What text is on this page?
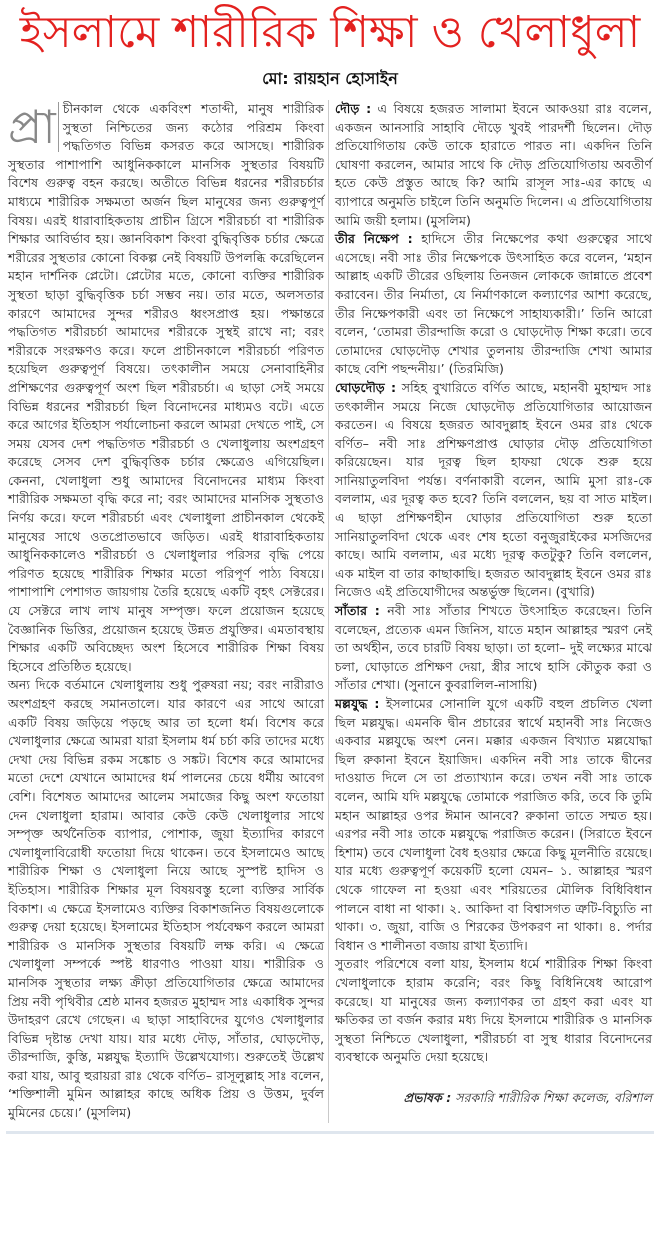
ইসলামে শারীরিক শিক্ষা ও খেলাধুলা
মো: রায়হান হোসাইন

প্রা চীনকাল থেকে একবিংশ শতাব্দী, মানুষ শারীরিক সুস্থতা নিশ্চিতের জন্য কঠোর পরিশ্রম কিংবা পদ্ধতিগত বিভিন্ন কসরত করে আসছে। শারীরিক সুস্থতার পাশাপাশি আধুনিককালে মানসিক সুস্থতার বিষয়টি বিশেষ গুরুত্ব বহন করছে। অতীতে বিভিন্ন ধরনের শরীরচর্চার মাধ্যমে শারীরিক সক্ষমতা অর্জন ছিল মানুষের জন্য গুরুত্বপূর্ণ বিষয়। এরই ধারাবাহিকতায় প্রাচীন গ্রিসে শরীরচর্চা বা শারীরিক শিক্ষার আবির্ভাব হয়। জ্ঞানবিকাশ কিংবা বুদ্ধিবৃত্তিক চর্চার ক্ষেত্রে শরীরের সুস্থতার কোনো বিকল্প নেই বিষয়টি উপলব্ধি করেছিলেন মহান দার্শনিক প্লেটো। প্লেটোর মতে, কোনো ব্যক্তির শারীরিক সুস্থতা ছাড়া বুদ্ধিবৃত্তিক চর্চা সম্ভব নয়। তার মতে, অলসতার কারণে আমাদের সুন্দর শরীরও ধ্বংসপ্রাপ্ত হয়। পক্ষান্তরে পদ্ধতিগত শরীরচর্চা আমাদের শরীরকে সুস্থই রাখে না; বরং শরীরকে সংরক্ষণও করে। ফলে প্রাচীনকালে শরীরচর্চা পরিণত হয়েছিল গুরুত্বপূর্ণ বিষয়ে। তৎকালীন সময়ে সেনাবাহিনীর প্রশিক্ষণের গুরুত্বপূর্ণ অংশ ছিল শরীরচর্চা। এ ছাড়া সেই সময়ে বিভিন্ন ধরনের শরীরচর্চা ছিল বিনোদনের মাধ্যমও বটে। এতে করে আগের ইতিহাস পর্যালোচনা করলে আমরা দেখতে পাই, সে সময় যেসব দেশ পদ্ধতিগত শরীরচর্চা ও খেলাধুলায় অংশগ্রহণ করেছে সেসব দেশ বুদ্ধিবৃত্তিক চর্চার ক্ষেত্রেও এগিয়েছিল। কেননা, খেলাধুলা শুধু আমাদের বিনোদনের মাধ্যম কিংবা শারীরিক সক্ষমতা বৃদ্ধি করে না; বরং আমাদের মানসিক সুস্থতাও নির্ণয় করে। ফলে শরীরচর্চা এবং খেলাধুলা প্রাচীনকাল থেকেই মানুষের সাথে ওতপ্রোতভাবে জড়িত। এরই ধারাবাহিকতায় আধুনিককালেও শরীরচর্চা ও খেলাধুলার পরিসর বৃদ্ধি পেয়ে পরিণত হয়েছে শারীরিক শিক্ষার মতো পরিপূর্ণ পাঠ্য বিষয়ে। পাশাপাশি পেশাগত জায়গায় তৈরি হয়েছে একটি বৃহৎ সেক্টরের। যে সেক্টরে লাখ লাখ মানুষ সম্পৃক্ত। ফলে প্রয়োজন হয়েছে বৈজ্ঞানিক ভিত্তির, প্রয়োজন হয়েছে উন্নত প্রযুক্তির। এমতাবস্থায় শিক্ষার একটি অবিচ্ছেদ্য অংশ হিসেবে শারীরিক শিক্ষা বিষয় হিসেবে প্রতিষ্ঠিত হয়েছে।

অন্য দিকে বর্তমানে খেলাধুলায় শুধু পুরুষরা নয়; বরং নারীরাও অংশগ্রহণ করছে সমানতালে। যার কারণে এর সাথে আরো একটি বিষয় জড়িয়ে পড়ছে আর তা হলো ধর্ম। বিশেষ করে খেলাধুলার ক্ষেত্রে আমরা যারা ইসলাম ধর্ম চর্চা করি তাদের মধ্যে দেখা দেয় বিভিন্ন রকম সঙ্কোচ ও সঙ্কট। বিশেষ করে আমাদের মতো দেশে যেখানে আমাদের ধর্ম পালনের চেয়ে ধর্মীয় আবেগ বেশি। বিশেষত আমাদের আলেম সমাজের কিছু অংশ ফতোয়া দেন খেলাধুলা হারাম। আবার কেউ কেউ খেলাধুলার সাথে সম্পৃক্ত অর্থনৈতিক ব্যাপার, পোশাক, জুয়া ইত্যাদির কারণে খেলাধুলাবিরোধী ফতোয়া দিয়ে থাকেন। তবে ইসলামেও আছে শারীরিক শিক্ষা ও খেলাধুলা নিয়ে আছে সুস্পষ্ট হাদিস ও ইতিহাস। শারীরিক শিক্ষার মূল বিষয়বস্তু হলো ব্যক্তির সার্বিক বিকাশ। এ ক্ষেত্রে ইসলামেও ব্যক্তির বিকাশজনিত বিষয়গুলোকে গুরুত্ব দেয়া হয়েছে। ইসলামের ইতিহাস পর্যবেক্ষণ করলে আমরা শারীরিক ও মানসিক সুস্থতার বিষয়টি লক্ষ করি। এ ক্ষেত্রে খেলাধুলা সম্পর্কে স্পষ্ট ধারণাও পাওয়া যায়। শারীরিক ও মানসিক সুস্থতার লক্ষ্য ক্রীড়া প্রতিযোগিতার ক্ষেত্রে আমাদের প্রিয় নবী পৃথিবীর শ্রেষ্ঠ মানব হজরত মুহাম্মদ সাঃ একাধিক সুন্দর উদাহরণ রেখে গেছেন। এ ছাড়া সাহাবিদের যুগেও খেলাধুলার বিভিন্ন দৃষ্টান্ত দেখা যায়। যার মধ্যে দৌড়, সাঁতার, ঘোড়দৌড়, তীরন্দাজি, কুস্তি, মল্লযুদ্ধ ইত্যাদি উল্লেখযোগ্য। শুরুতেই উল্লেখ করা যায়, আবু হুরায়রা রাঃ থেকে বর্ণিত– রাসূলুল্লাহ সাঃ বলেন, ‘শক্তিশালী মুমিন আল্লাহর কাছে অধিক প্রিয় ও উত্তম, দুর্বল মুমিনের চেয়ে।’ (মুসলিম)

দৌড় : এ বিষয়ে হজরত সালামা ইবনে আকওয়া রাঃ বলেন, একজন আনসারি সাহাবি দৌড়ে খুবই পারদর্শী ছিলেন। দৌড় প্রতিযোগিতায় কেউ তাকে হারাতে পারত না। একদিন তিনি ঘোষণা করলেন, আমার সাথে কি দৌড় প্রতিযোগিতায় অবতীর্ণ হতে কেউ প্রস্তুত আছে কি? আমি রাসূল সাঃ-এর কাছে এ ব্যাপারে অনুমতি চাইলে তিনি অনুমতি দিলেন। এ প্রতিযোগিতায় আমি জয়ী হলাম। (মুসলিম)

তীর নিক্ষেপ : হাদিসে তীর নিক্ষেপের কথা গুরুত্বের সাথে এসেছে। নবী সাঃ তীর নিক্ষেপকে উৎসাহিত করে বলেন, ‘মহান আল্লাহ একটি তীরের ওছিলায় তিনজন লোককে জান্নাতে প্রবেশ করাবেন। তীর নির্মাতা, যে নির্মাণকালে কল্যাণের আশা করেছে, তীর নিক্ষেপকারী এবং তা নিক্ষেপে সাহায্যকারী।’ তিনি আরো বলেন, ‘তোমরা তীরন্দাজি করো ও ঘোড়দৌড় শিক্ষা করো। তবে তোমাদের ঘোড়দৌড় শেখার তুলনায় তীরন্দাজি শেখা আমার কাছে বেশি পছন্দনীয়।’ (তিরমিজি)

ঘোড়দৌড় : সহিহ বুখারিতে বর্ণিত আছে, মহানবী মুহাম্মদ সাঃ তৎকালীন সময়ে নিজে ঘোড়দৌড় প্রতিযোগিতার আয়োজন করতেন। এ বিষয়ে হজরত আবদুল্লাহ ইবনে ওমর রাঃ থেকে বর্ণিত– নবী সাঃ প্রশিক্ষণপ্রাপ্ত ঘোড়ার দৌড় প্রতিযোগিতা করিয়েছেন। যার দূরত্ব ছিল হাফয়া থেকে শুরু হয়ে সানিয়াতুলবিদা পর্যন্ত। বর্ণনাকারী বলেন, আমি মুসা রাঃ-কে বললাম, এর দূরত্ব কত হবে? তিনি বললেন, ছয় বা সাত মাইল। এ ছাড়া প্রশিক্ষণহীন ঘোড়ার প্রতিযোগিতা শুরু হতো সানিয়াতুলবিদা থেকে এবং শেষ হতো বনুজুরাইকের মসজিদের কাছে। আমি বললাম, এর মধ্যে দূরত্ব কতটুকু? তিনি বললেন, এক মাইল বা তার কাছাকাছি। হজরত আবদুল্লাহ ইবনে ওমর রাঃ নিজেও এই প্রতিযোগীদের অন্তর্ভুক্ত ছিলেন। (বুখারি)

সাঁতার : নবী সাঃ সাঁতার শিখতে উৎসাহিত করেছেন। তিনি বলেছেন, প্রত্যেক এমন জিনিস, যাতে মহান আল্লাহর স্মরণ নেই তা অর্থহীন, তবে চারটি বিষয় ছাড়া। তা হলো– দুই লক্ষ্যের মাঝে চলা, ঘোড়াতে প্রশিক্ষণ দেয়া, স্ত্রীর সাথে হাসি কৌতুক করা ও সাঁতার শেখা। (সুনানে কুবরালিল-নাসায়ি)

মল্লযুদ্ধ : ইসলামের সোনালি যুগে একটি বহুল প্রচলিত খেলা ছিল মল্লযুদ্ধ। এমনকি দ্বীন প্রচারের স্বার্থে মহানবী সাঃ নিজেও একবার মল্লযুদ্ধে অংশ নেন। মক্কার একজন বিখ্যাত মল্লযোদ্ধা ছিল রুকানা ইবনে ইয়াজিদ। একদিন নবী সাঃ তাকে দ্বীনের দাওয়াত দিলে সে তা প্রত্যাখ্যান করে। তখন নবী সাঃ তাকে বলেন, আমি যদি মল্লযুদ্ধে তোমাকে পরাজিত করি, তবে কি তুমি মহান আল্লাহর ওপর ঈমান আনবে? রুকানা তাতে সম্মত হয়। এরপর নবী সাঃ তাকে মল্লযুদ্ধে পরাজিত করেন। (সিরাতে ইবনে হিশাম) তবে খেলাধুলা বৈধ হওয়ার ক্ষেত্রে কিছু মূলনীতি রয়েছে। যার মধ্যে গুরুত্বপূর্ণ কয়েকটি হলো যেমন– ১. আল্লাহর স্মরণ থেকে গাফেল না হওয়া এবং শরিয়তের মৌলিক বিধিবিধান পালনে বাধা না থাকা। ২. আকিদা বা বিশ্বাসগত ত্রুটি-বিচ্যুতি না থাকা। ৩. জুয়া, বাজি ও শিরকের উপকরণ না থাকা। ৪. পর্দার বিধান ও শালীনতা বজায় রাখা ইত্যাদি।

সুতরাং পরিশেষে বলা যায়, ইসলাম ধর্মে শারীরিক শিক্ষা কিংবা খেলাধুলাকে হারাম করেনি; বরং কিছু বিধিনিষেধ আরোপ করেছে। যা মানুষের জন্য কল্যাণকর তা গ্রহণ করা এবং যা ক্ষতিকর তা বর্জন করার মধ্য দিয়ে ইসলামে শারীরিক ও মানসিক সুস্থতা নিশ্চিতে খেলাধুলা, শরীরচর্চা বা সুস্থ ধারার বিনোদনের ব্যবস্থাকে অনুমতি দেয়া হয়েছে।

প্রভাষক : সরকারি শারীরিক শিক্ষা কলেজ, বরিশাল
